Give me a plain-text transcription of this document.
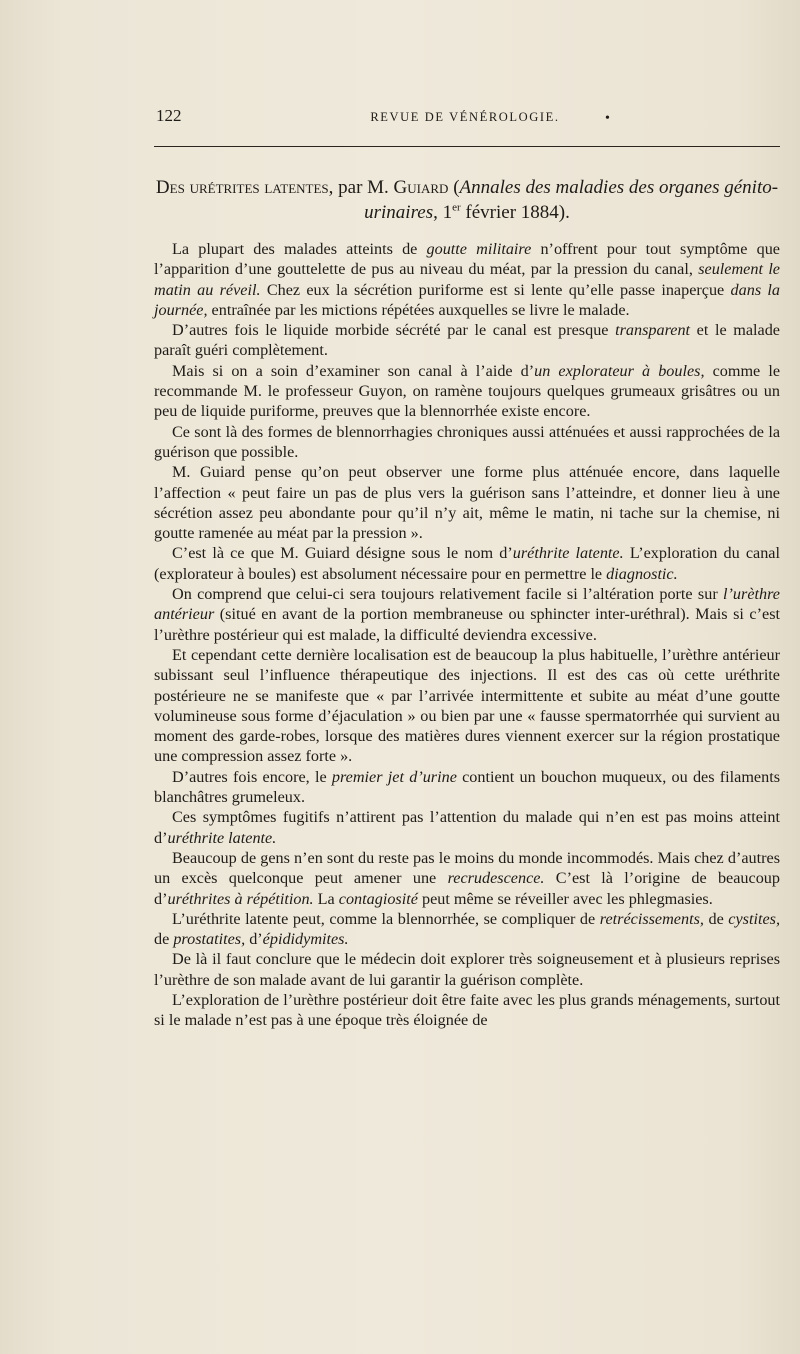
122	REVUE DE VÉNÉROLOGIE.	•
Des urétrites latentes, par M. Guiard (Annales des maladies des organes génito-urinaires, 1er février 1884).

La plupart des malades atteints de goutte militaire n’offrent pour tout symptôme que l’apparition d’une gouttelette de pus au niveau du méat, par la pression du canal, seulement le matin au réveil. Chez eux la sécrétion puriforme est si lente qu’elle passe inaperçue dans la journée, entraînée par les mictions répétées auxquelles se livre le malade.

D’autres fois le liquide morbide sécrété par le canal est presque transparent et le malade paraît guéri complètement.

Mais si on a soin d’examiner son canal à l’aide d’un explorateur à boules, comme le recommande M. le professeur Guyon, on ramène toujours quelques grumeaux grisâtres ou un peu de liquide puriforme, preuves que la blennorrhée existe encore.

Ce sont là des formes de blennorrhagies chroniques aussi atténuées et aussi rapprochées de la guérison que possible.

M. Guiard pense qu’on peut observer une forme plus atténuée encore, dans laquelle l’affection « peut faire un pas de plus vers la guérison sans l’atteindre, et donner lieu à une sécrétion assez peu abondante pour qu’il n’y ait, même le matin, ni tache sur la chemise, ni goutte ramenée au méat par la pression ».

C’est là ce que M. Guiard désigne sous le nom d’uréthrite latente. L’exploration du canal (explorateur à boules) est absolument nécessaire pour en permettre le diagnostic.

On comprend que celui-ci sera toujours relativement facile si l’altération porte sur l’urèthre antérieur (situé en avant de la portion membraneuse ou sphincter inter-uréthral). Mais si c’est l’urèthre postérieur qui est malade, la difficulté deviendra excessive.

Et cependant cette dernière localisation est de beaucoup la plus habituelle, l’urèthre antérieur subissant seul l’influence thérapeutique des injections. Il est des cas où cette uréthrite postérieure ne se manifeste que « par l’arrivée intermittente et subite au méat d’une goutte volumineuse sous forme d’éjaculation » ou bien par une « fausse spermatorrhée qui survient au moment des garde-robes, lorsque des matières dures viennent exercer sur la région prostatique une compression assez forte ».

D’autres fois encore, le premier jet d’urine contient un bouchon muqueux, ou des filaments blanchâtres grumeleux.

Ces symptômes fugitifs n’attirent pas l’attention du malade qui n’en est pas moins atteint d’uréthrite latente.

Beaucoup de gens n’en sont du reste pas le moins du monde incommodés. Mais chez d’autres un excès quelconque peut amener une recrudescence. C’est là l’origine de beaucoup d’uréthrites à répétition. La contagiosité peut même se réveiller avec les phlegmasies.

L’uréthrite latente peut, comme la blennorrhée, se compliquer de retrécissements, de cystites, de prostatites, d’épididymites.

De là il faut conclure que le médecin doit explorer très soigneusement et à plusieurs reprises l’urèthre de son malade avant de lui garantir la guérison complète.

L’exploration de l’urèthre postérieur doit être faite avec les plus grands ménagements, surtout si le malade n’est pas à une époque très éloignée de
